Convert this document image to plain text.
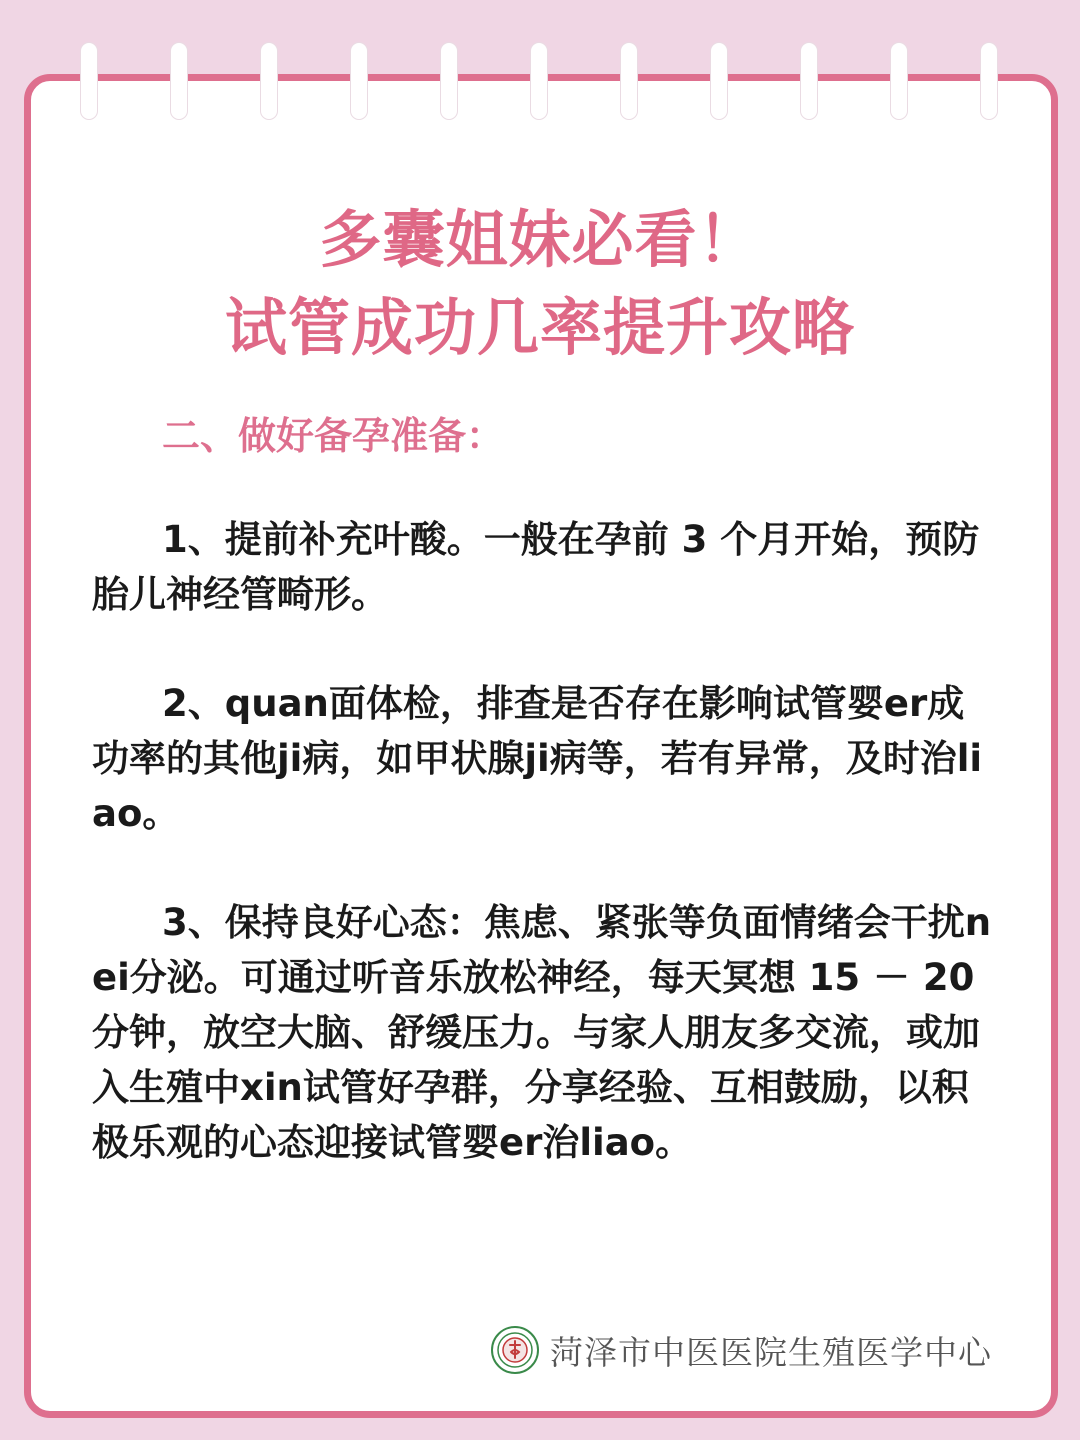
多囊姐妹必看！
试管成功几率提升攻略
二、做好备孕准备：

1、提前补充叶酸。一般在孕前 3 个月开始，预防胎儿神经管畸形。

2、quan面体检，排查是否存在影响试管婴er成功率的其他ji病，如甲状腺ji病等，若有异常，及时治liao。

3、保持良好心态：焦虑、紧张等负面情绪会干扰nei分泌。可通过听音乐放松神经，每天冥想 15 － 20 分钟，放空大脑、舒缓压力。与家人朋友多交流，或加入生殖中xin试管好孕群，分享经验、互相鼓励，以积极乐观的心态迎接试管婴er治liao。

菏泽市中医医院生殖医学中心
